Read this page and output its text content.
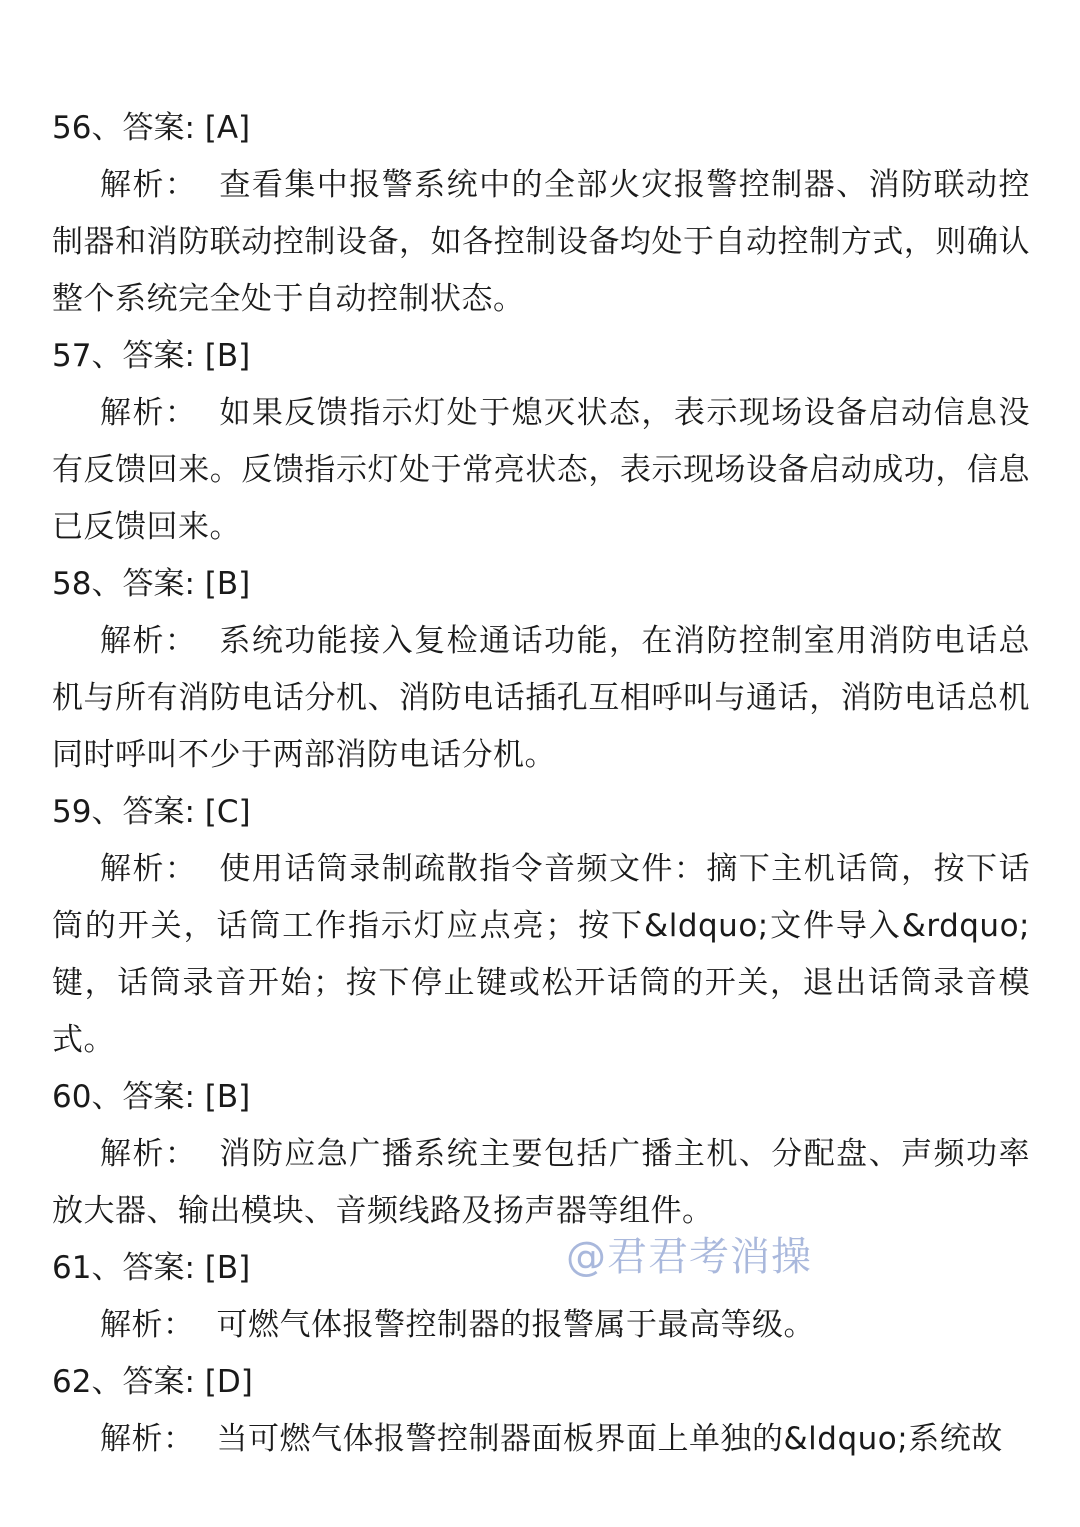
56、答案: [A]

解析： 查看集中报警系统中的全部火灾报警控制器、消防联动控制器和消防联动控制设备，如各控制设备均处于自动控制方式，则确认整个系统完全处于自动控制状态。

57、答案: [B]

解析： 如果反馈指示灯处于熄灭状态，表示现场设备启动信息没有反馈回来。反馈指示灯处于常亮状态，表示现场设备启动成功，信息已反馈回来。

58、答案: [B]

解析： 系统功能接入复检通话功能，在消防控制室用消防电话总机与所有消防电话分机、消防电话插孔互相呼叫与通话，消防电话总机同时呼叫不少于两部消防电话分机。

59、答案: [C]

解析： 使用话筒录制疏散指令音频文件：摘下主机话筒，按下话筒的开关，话筒工作指示灯应点亮；按下&ldquo;文件导入&rdquo;键，话筒录音开始；按下停止键或松开话筒的开关，退出话筒录音模式。

60、答案: [B]

解析： 消防应急广播系统主要包括广播主机、分配盘、声频功率放大器、输出模块、音频线路及扬声器等组件。

61、答案: [B]

解析： 可燃气体报警控制器的报警属于最高等级。

62、答案: [D]

解析： 当可燃气体报警控制器面板界面上单独的&ldquo;系统故

@君君考消操
